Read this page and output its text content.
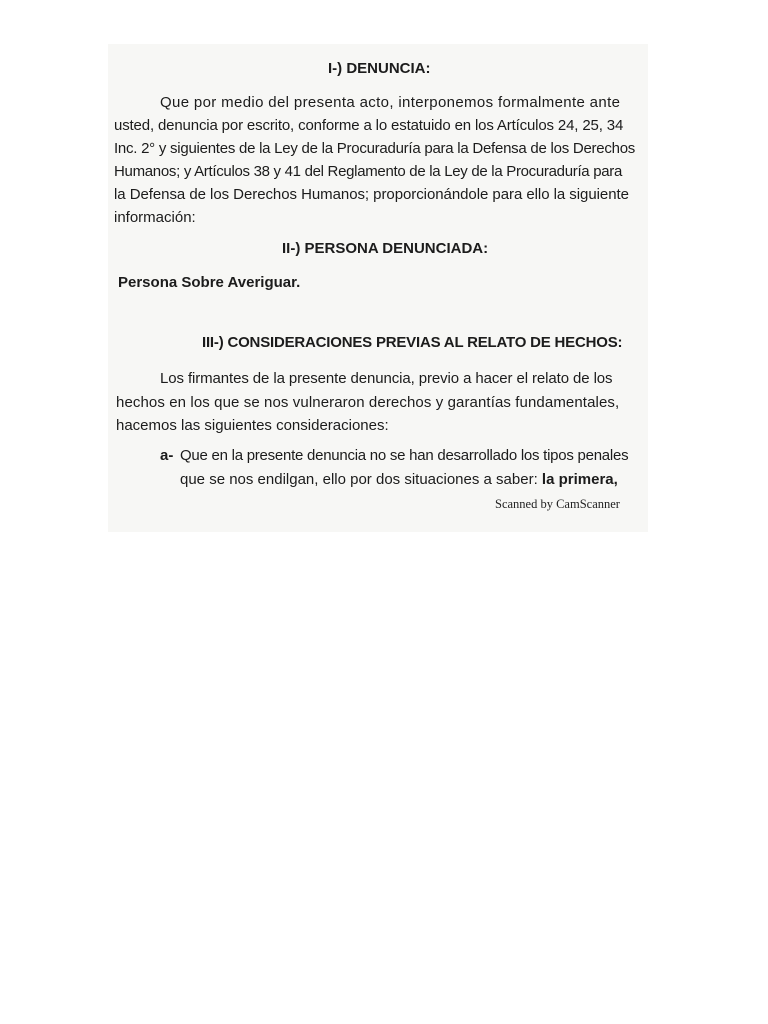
I-) DENUNCIA:
Que por medio del presenta acto, interponemos formalmente ante
usted, denuncia por escrito, conforme a lo estatuido en los Artículos 24, 25, 34
Inc. 2° y siguientes de la Ley de la Procuraduría para la Defensa de los Derechos
Humanos; y Artículos 38 y 41 del Reglamento de la Ley de la Procuraduría para
la Defensa de los Derechos Humanos; proporcionándole para ello la siguiente
información:
II-) PERSONA DENUNCIADA:
Persona Sobre Averiguar.
III-) CONSIDERACIONES PREVIAS AL RELATO DE HECHOS:
Los firmantes de la presente denuncia, previo a hacer el relato de los
hechos en los que se nos vulneraron derechos y garantías fundamentales,
hacemos las siguientes consideraciones:
a- Que en la presente denuncia no se han desarrollado los tipos penales
que se nos endilgan, ello por dos situaciones a saber: la primera,
Scanned by CamScanner
